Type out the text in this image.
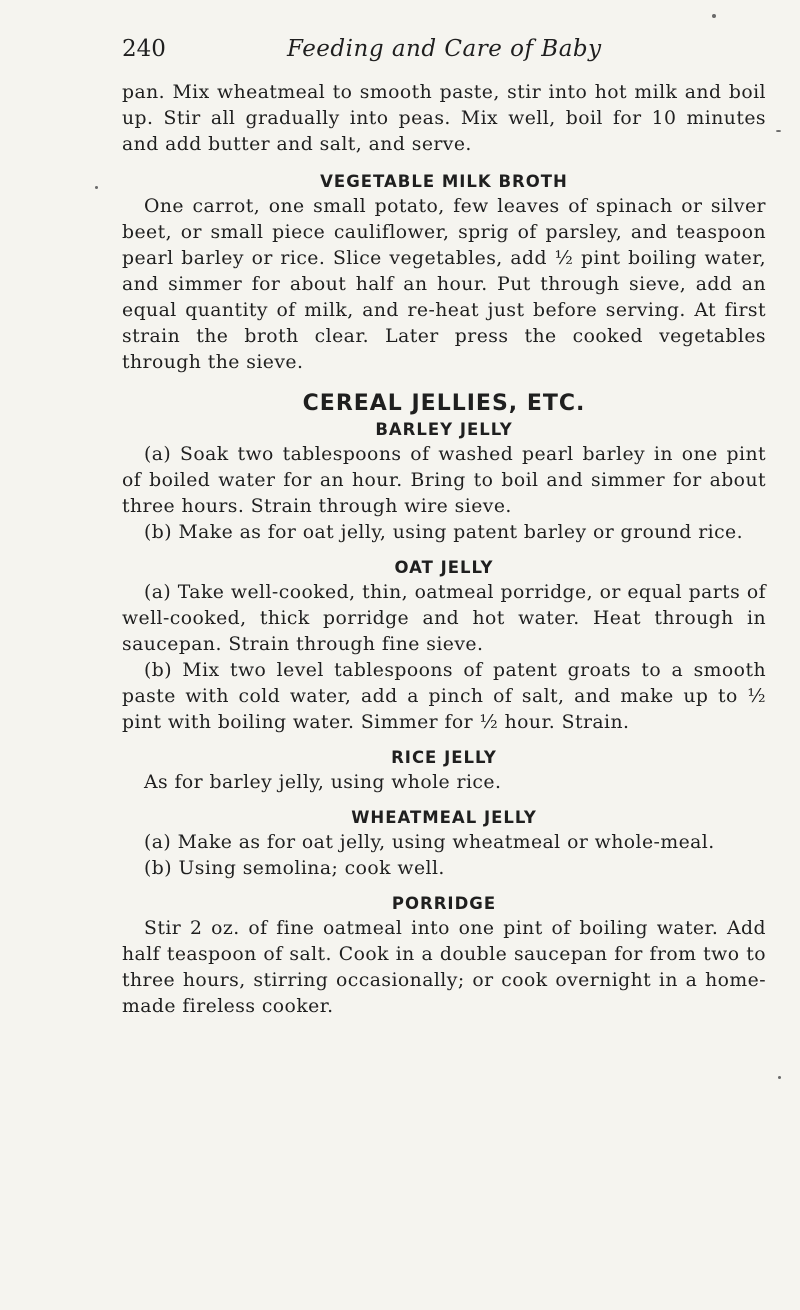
240	Feeding and Care of Baby

pan. Mix wheatmeal to smooth paste, stir into hot milk and boil up. Stir all gradually into peas. Mix well, boil for 10 minutes and add butter and salt, and serve.

VEGETABLE MILK BROTH

One carrot, one small potato, few leaves of spinach or silver beet, or small piece cauliflower, sprig of parsley, and teaspoon pearl barley or rice. Slice vegetables, add ½ pint boiling water, and simmer for about half an hour. Put through sieve, add an equal quantity of milk, and re-heat just before serving. At first strain the broth clear. Later press the cooked vegetables through the sieve.

CEREAL JELLIES, ETC.
BARLEY JELLY

(a) Soak two tablespoons of washed pearl barley in one pint of boiled water for an hour. Bring to boil and simmer for about three hours. Strain through wire sieve.

(b) Make as for oat jelly, using patent barley or ground rice.

OAT JELLY

(a) Take well-cooked, thin, oatmeal porridge, or equal parts of well-cooked, thick porridge and hot water. Heat through in saucepan. Strain through fine sieve.

(b) Mix two level tablespoons of patent groats to a smooth paste with cold water, add a pinch of salt, and make up to ½ pint with boiling water. Simmer for ½ hour. Strain.

RICE JELLY

As for barley jelly, using whole rice.

WHEATMEAL JELLY

(a) Make as for oat jelly, using wheatmeal or whole-meal.

(b) Using semolina; cook well.

PORRIDGE

Stir 2 oz. of fine oatmeal into one pint of boiling water. Add half teaspoon of salt. Cook in a double saucepan for from two to three hours, stirring occasionally; or cook overnight in a home-made fireless cooker.
